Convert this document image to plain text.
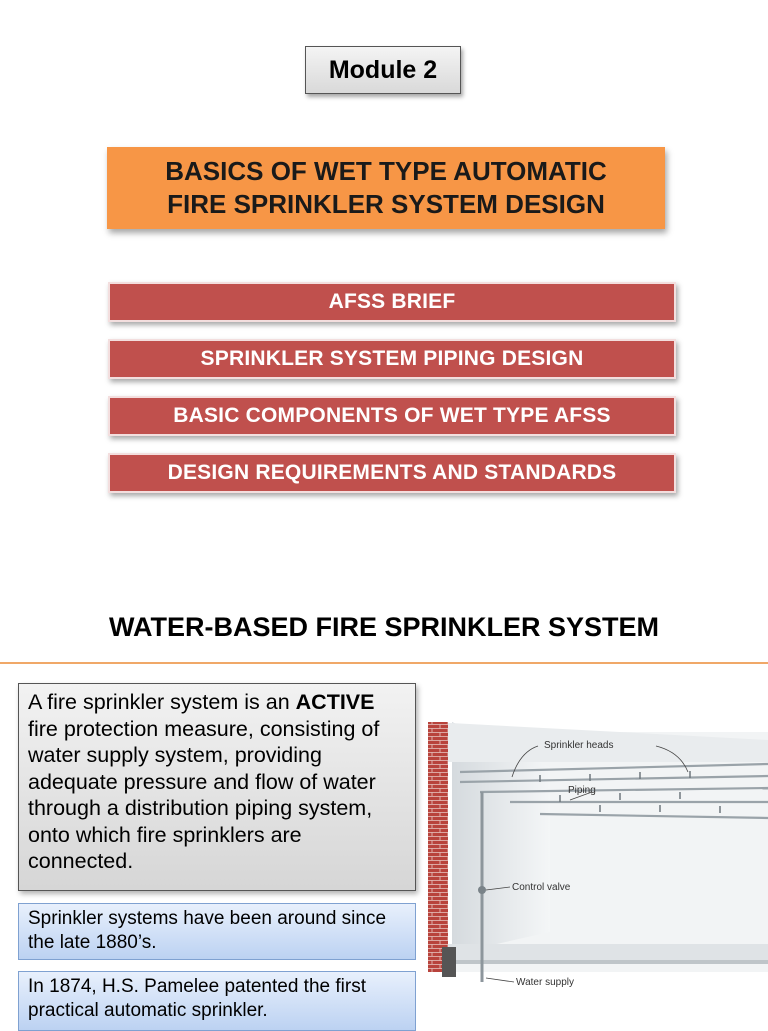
Module 2
BASICS OF WET TYPE AUTOMATIC
FIRE SPRINKLER SYSTEM DESIGN
AFSS BRIEF
SPRINKLER SYSTEM PIPING DESIGN
BASIC COMPONENTS OF WET TYPE AFSS
DESIGN REQUIREMENTS AND STANDARDS
WATER-BASED FIRE SPRINKLER SYSTEM
A fire sprinkler system is an ACTIVE fire protection measure, consisting of water supply system, providing adequate pressure and flow of water through a distribution piping system, onto which fire sprinklers are connected.
Sprinkler systems have been around since the late 1880’s.
In 1874, H.S. Pamelee patented the first practical automatic sprinkler.
Sprinkler heads
Piping
Control valve
Water supply
